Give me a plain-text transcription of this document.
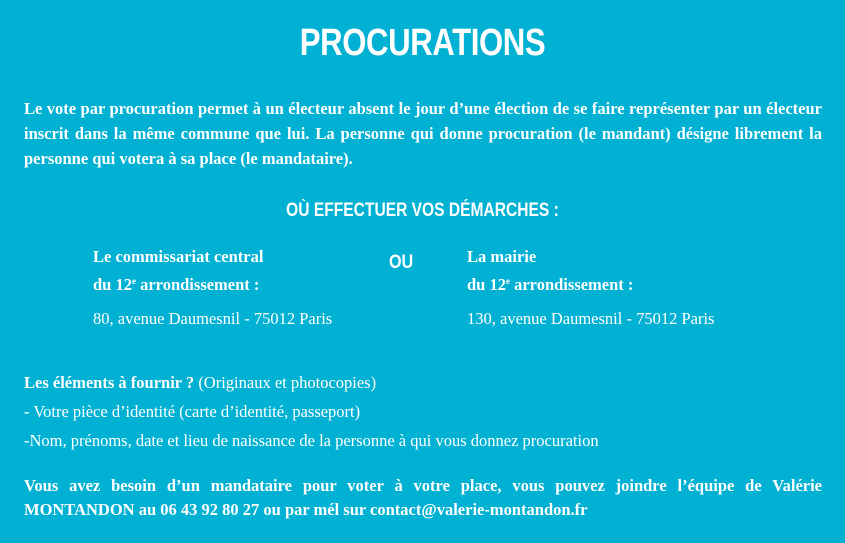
PROCURATIONS
Le vote par procuration permet à un électeur absent le jour d’une élection de se faire représenter par un électeur inscrit dans la même commune que lui. La personne qui donne procuration (le mandant) désigne librement la personne qui votera à sa place (le mandataire).
OÙ EFFECTUER VOS DÉMARCHES :
Le commissariat central
du 12e arrondissement :
80, avenue Daumesnil - 75012 Paris
OU	La mairie
du 12e arrondissement :
130, avenue Daumesnil - 75012 Paris
Les éléments à fournir ? (Originaux et photocopies)
- Votre pièce d’identité (carte d’identité, passeport)
-Nom, prénoms, date et lieu de naissance de la personne à qui vous donnez procuration
Vous avez besoin d’un mandataire pour voter à votre place, vous pouvez joindre l’équipe de Valérie MONTANDON au 06 43 92 80 27 ou par mél sur contact@valerie-montandon.fr
